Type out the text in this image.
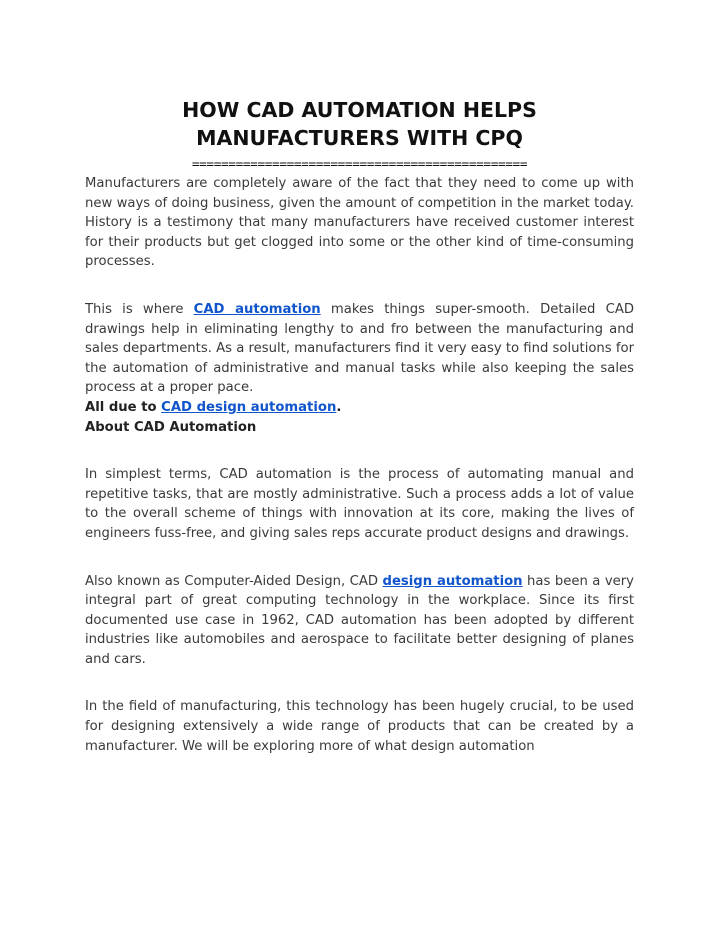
HOW CAD AUTOMATION HELPS
MANUFACTURERS WITH CPQ
==============================================

Manufacturers are completely aware of the fact that they need to come up with new ways of doing business, given the amount of competition in the market today. History is a testimony that many manufacturers have received customer interest for their products but get clogged into some or the other kind of time-consuming processes.

This is where CAD automation makes things super-smooth. Detailed CAD drawings help in eliminating lengthy to and fro between the manufacturing and sales departments. As a result, manufacturers find it very easy to find solutions for the automation of administrative and manual tasks while also keeping the sales process at a proper pace.

All due to CAD design automation.

About CAD Automation

In simplest terms, CAD automation is the process of automating manual and repetitive tasks, that are mostly administrative. Such a process adds a lot of value to the overall scheme of things with innovation at its core, making the lives of engineers fuss-free, and giving sales reps accurate product designs and drawings.

Also known as Computer-Aided Design, CAD design automation has been a very integral part of great computing technology in the workplace. Since its first documented use case in 1962, CAD automation has been adopted by different industries like automobiles and aerospace to facilitate better designing of planes and cars.

In the field of manufacturing, this technology has been hugely crucial, to be used for designing extensively a wide range of products that can be created by a manufacturer. We will be exploring more of what design automation
